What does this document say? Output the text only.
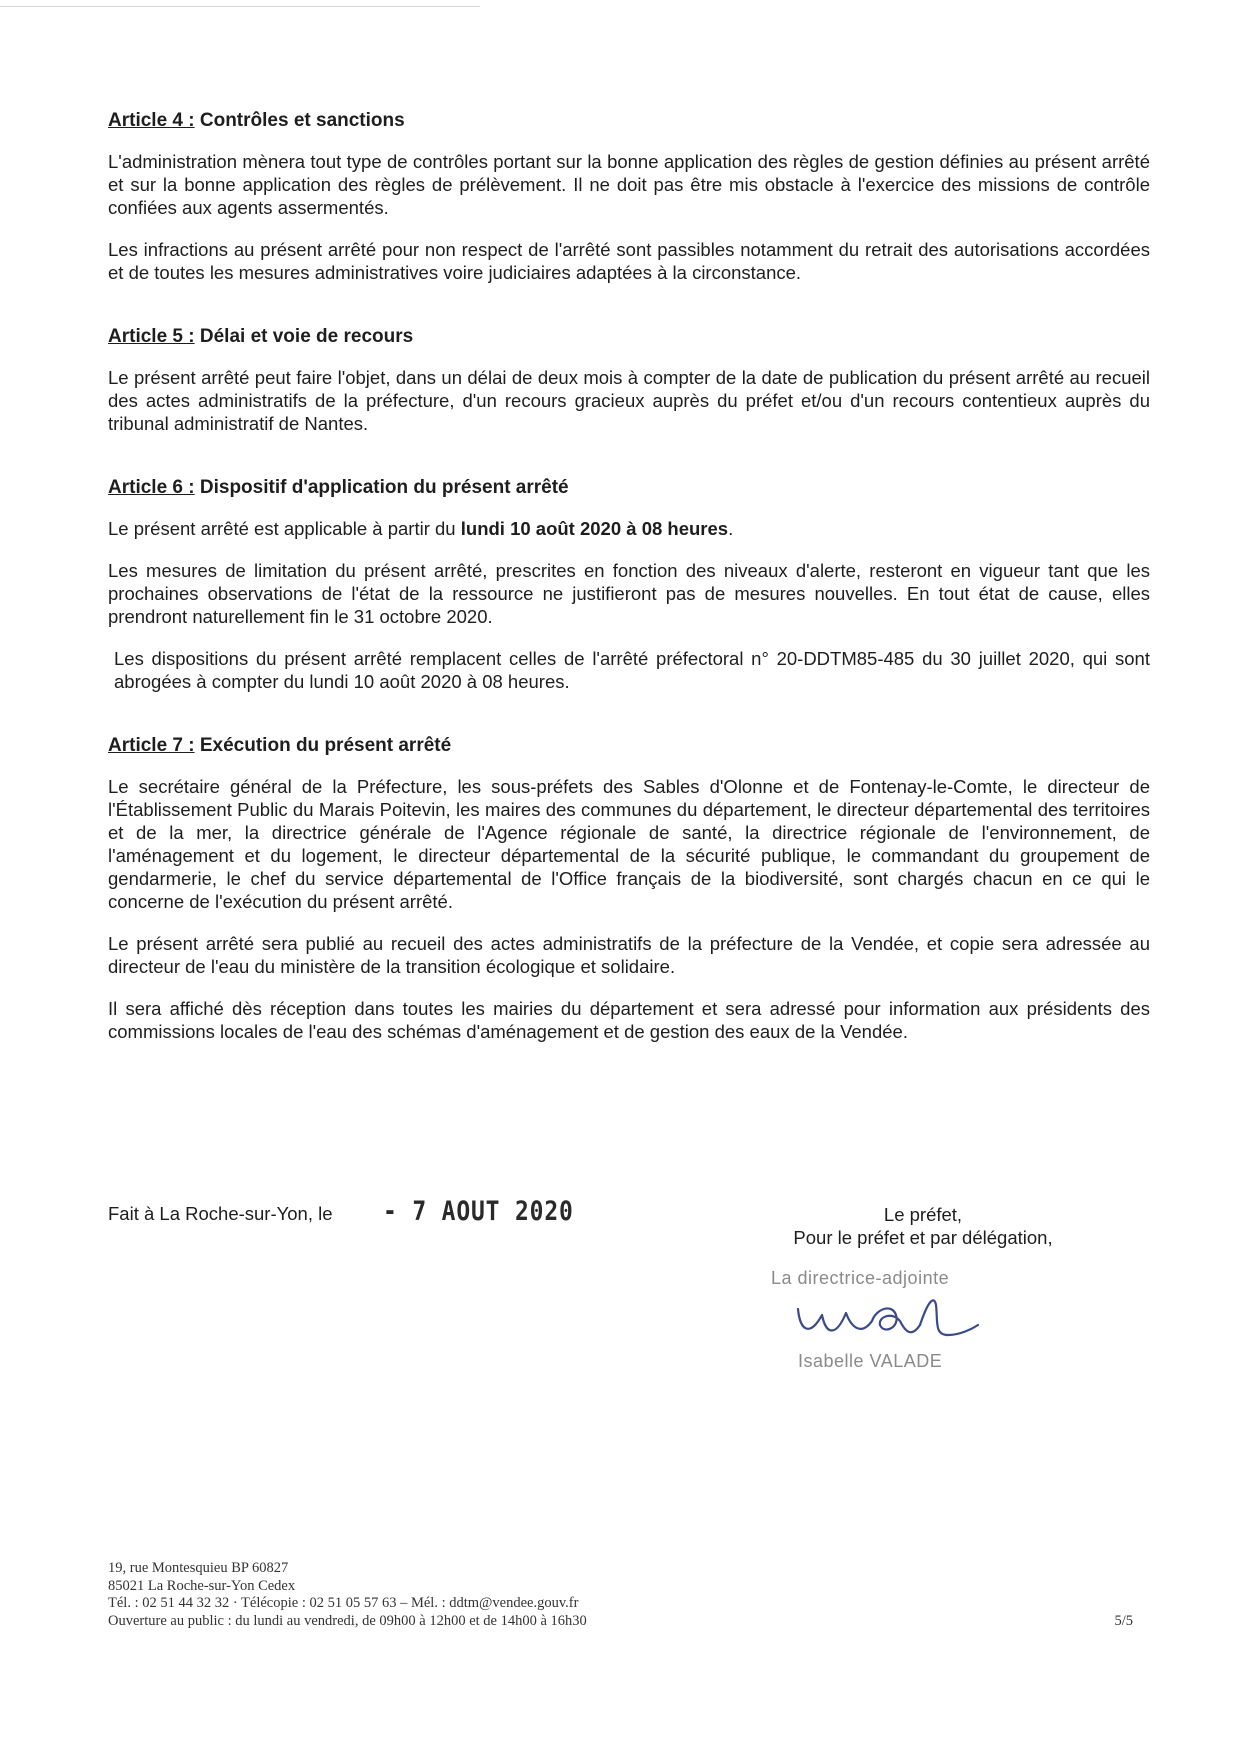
Article 4 : Contrôles et sanctions

L'administration mènera tout type de contrôles portant sur la bonne application des règles de gestion définies au présent arrêté et sur la bonne application des règles de prélèvement. Il ne doit pas être mis obstacle à l'exercice des missions de contrôle confiées aux agents assermentés.

Les infractions au présent arrêté pour non respect de l'arrêté sont passibles notamment du retrait des autorisations accordées et de toutes les mesures administratives voire judiciaires adaptées à la circonstance.

Article 5 : Délai et voie de recours

Le présent arrêté peut faire l'objet, dans un délai de deux mois à compter de la date de publication du présent arrêté au recueil des actes administratifs de la préfecture, d'un recours gracieux auprès du préfet et/ou d'un recours contentieux auprès du tribunal administratif de Nantes.

Article 6 : Dispositif d'application du présent arrêté

Le présent arrêté est applicable à partir du lundi 10 août 2020 à 08 heures.

Les mesures de limitation du présent arrêté, prescrites en fonction des niveaux d'alerte, resteront en vigueur tant que les prochaines observations de l'état de la ressource ne justifieront pas de mesures nouvelles. En tout état de cause, elles prendront naturellement fin le 31 octobre 2020.

Les dispositions du présent arrêté remplacent celles de l'arrêté préfectoral n° 20-DDTM85-485 du 30 juillet 2020, qui sont abrogées à compter du lundi 10 août 2020 à 08 heures.

Article 7 : Exécution du présent arrêté

Le secrétaire général de la Préfecture, les sous-préfets des Sables d'Olonne et de Fontenay-le-Comte, le directeur de l'Établissement Public du Marais Poitevin, les maires des communes du département, le directeur départemental des territoires et de la mer, la directrice générale de l'Agence régionale de santé, la directrice régionale de l'environnement, de l'aménagement et du logement, le directeur départemental de la sécurité publique, le commandant du groupement de gendarmerie, le chef du service départemental de l'Office français de la biodiversité, sont chargés chacun en ce qui le concerne de l'exécution du présent arrêté.

Le présent arrêté sera publié au recueil des actes administratifs de la préfecture de la Vendée, et copie sera adressée au directeur de l'eau du ministère de la transition écologique et solidaire.

Il sera affiché dès réception dans toutes les mairies du département et sera adressé pour information aux présidents des commissions locales de l'eau des schémas d'aménagement et de gestion des eaux de la Vendée.

Fait à La Roche-sur-Yon, le - 7 AOUT 2020	Le préfet,
Pour le préfet et par délégation,
La directrice-adjointe
Isabelle VALADE
19, rue Montesquieu BP 60827
85021 La Roche-sur-Yon Cedex
Tél. : 02 51 44 32 32 · Télécopie : 02 51 05 57 63 – Mél. : ddtm@vendee.gouv.fr
Ouverture au public : du lundi au vendredi, de 09h00 à 12h00 et de 14h00 à 16h30	5/5
